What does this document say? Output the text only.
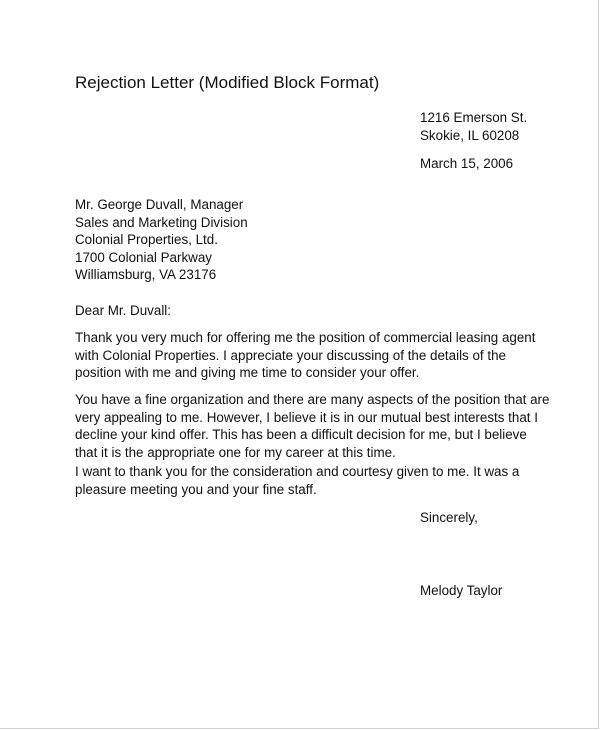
Rejection Letter (Modified Block Format)
1216 Emerson St.
Skokie, IL 60208
March 15, 2006
Mr. George Duvall, Manager
Sales and Marketing Division
Colonial Properties, Ltd.
1700 Colonial Parkway
Williamsburg, VA 23176
Dear Mr. Duvall:
Thank you very much for offering me the position of commercial leasing agent
with Colonial Properties. I appreciate your discussing of the details of the
position with me and giving me time to consider your offer.
You have a fine organization and there are many aspects of the position that are
very appealing to me. However, I believe it is in our mutual best interests that I
decline your kind offer. This has been a difficult decision for me, but I believe
that it is the appropriate one for my career at this time.
I want to thank you for the consideration and courtesy given to me. It was a
pleasure meeting you and your fine staff.
Sincerely,
Melody Taylor
